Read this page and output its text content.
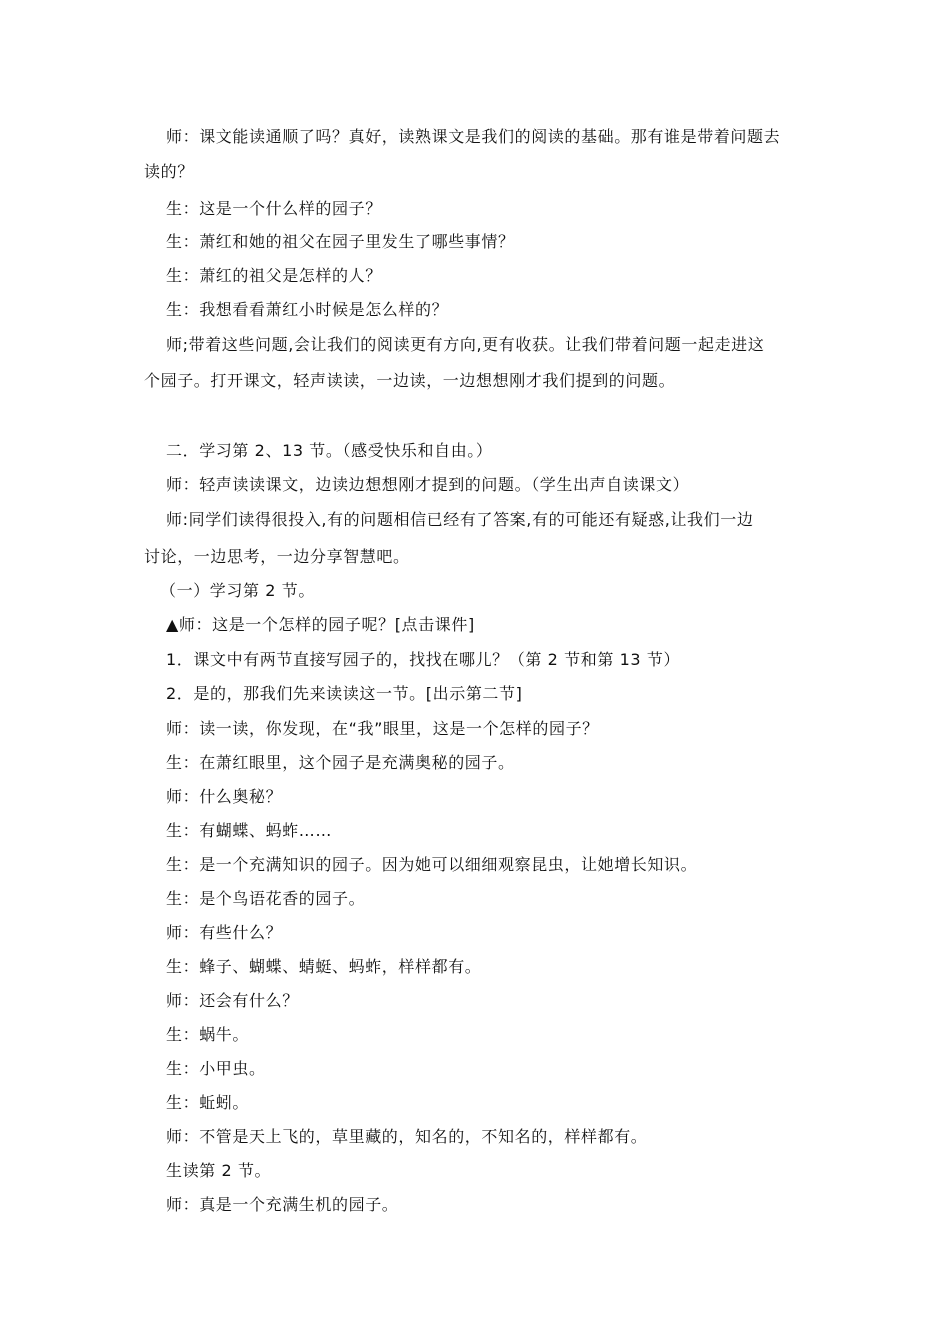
师：课文能读通顺了吗？真好，读熟课文是我们的阅读的基础。那有谁是带着问题去
读的？
生：这是一个什么样的园子？
生：萧红和她的祖父在园子里发生了哪些事情？
生：萧红的祖父是怎样的人？
生：我想看看萧红小时候是怎么样的？
师;带着这些问题,会让我们的阅读更有方向,更有收获。让我们带着问题一起走进这
个园子。打开课文，轻声读读，一边读，一边想想刚才我们提到的问题。
二．学习第 2、13 节。（感受快乐和自由。）
师：轻声读读课文，边读边想想刚才提到的问题。（学生出声自读课文）
师:同学们读得很投入,有的问题相信已经有了答案,有的可能还有疑惑,让我们一边
讨论，一边思考，一边分享智慧吧。
（一）学习第 2 节。
▲师：这是一个怎样的园子呢？[点击课件]
1．课文中有两节直接写园子的，找找在哪儿？（第 2 节和第 13 节）
2．是的，那我们先来读读这一节。[出示第二节]
师：读一读，你发现，在“我”眼里，这是一个怎样的园子？
生：在萧红眼里，这个园子是充满奥秘的园子。
师：什么奥秘？
生：有蝴蝶、蚂蚱……
生：是一个充满知识的园子。因为她可以细细观察昆虫，让她增长知识。
生：是个鸟语花香的园子。
师：有些什么？
生：蜂子、蝴蝶、蜻蜓、蚂蚱，样样都有。
师：还会有什么？
生：蜗牛。
生：小甲虫。
生：蚯蚓。
师：不管是天上飞的，草里藏的，知名的，不知名的，样样都有。
生读第 2 节。
师：真是一个充满生机的园子。
